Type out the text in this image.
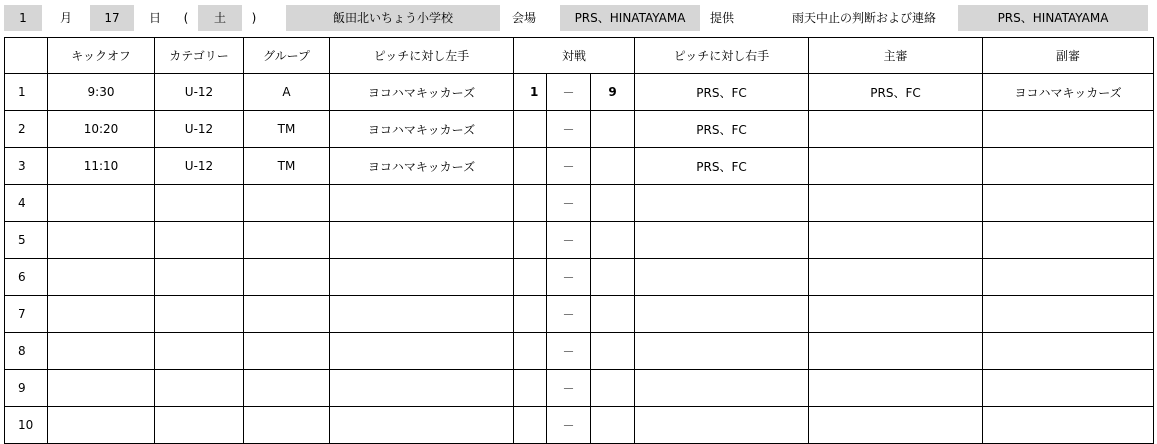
1	月	17	日	(	土	)	飯田北いちょう小学校	会場	PRS、HINATAYAMA	提供	雨天中止の判断および連絡	PRS、HINATAYAMA
	キックオフ	カテゴリー	グループ	ピッチに対し左手	対戦			ピッチに対し右手	主審	副審
1	9:30	U-12	A	ヨコハマキッカーズ	1	－	9	PRS、FC	PRS、FC	ヨコハマキッカーズ
2	10:20	U-12	TM	ヨコハマキッカーズ		－		PRS、FC		
3	11:10	U-12	TM	ヨコハマキッカーズ		－		PRS、FC		
4						－				
5						－				
6						－				
7						－				
8						－				
9						－				
10						－				
